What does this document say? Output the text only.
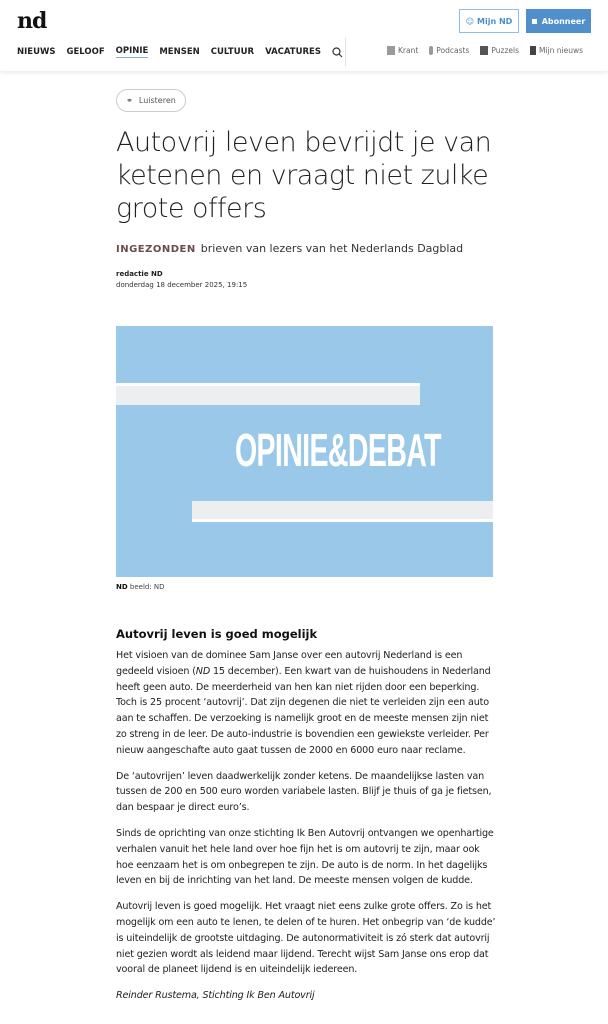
nd	☺ Mijn ND	Abonneer
NIEUWS GELOOF OPINIE MENSEN CULTUUR VACATURES	Krant Podcasts	Puzzels	Mijn nieuws
⚭ Luisteren
Autovrij leven bevrijdt je van ketenen en vraagt niet zulke grote offers
INGEZONDEN brieven van lezers van het Nederlands Dagblad
redactie ND
donderdag 18 december 2025, 19:15
OPINIE&DEBAT
ND beeld: ND
Autovrij leven is goed mogelijk

Het visioen van de dominee Sam Janse over een autovrij Nederland is een gedeeld visioen (ND 15 december). Een kwart van de huishoudens in Nederland heeft geen auto. De meerderheid van hen kan niet rijden door een beperking. Toch is 25 procent ‘autovrij’. Dat zijn degenen die niet te verleiden zijn een auto aan te schaffen. De verzoeking is namelijk groot en de meeste mensen zijn niet zo streng in de leer. De auto-industrie is bovendien een gewiekste verleider. Per nieuw aangeschafte auto gaat tussen de 2000 en 6000 euro naar reclame.

De ‘autovrijen’ leven daadwerkelijk zonder ketens. De maandelijkse lasten van tussen de 200 en 500 euro worden variabele lasten. Blijf je thuis of ga je fietsen, dan bespaar je direct euro’s.

Sinds de oprichting van onze stichting Ik Ben Autovrij ontvangen we openhartige verhalen vanuit het hele land over hoe fijn het is om autovrij te zijn, maar ook hoe eenzaam het is om onbegrepen te zijn. De auto is de norm. In het dagelijks leven en bij de inrichting van het land. De meeste mensen volgen de kudde.

Autovrij leven is goed mogelijk. Het vraagt niet eens zulke grote offers. Zo is het mogelijk om een auto te lenen, te delen of te huren. Het onbegrip van ‘de kudde’ is uiteindelijk de grootste uitdaging. De autonormativiteit is zó sterk dat autovrij niet gezien wordt als leidend maar lijdend. Terecht wijst Sam Janse ons erop dat vooral de planeet lijdend is en uiteindelijk iedereen.

Reinder Rustema, Stichting Ik Ben Autovrij
